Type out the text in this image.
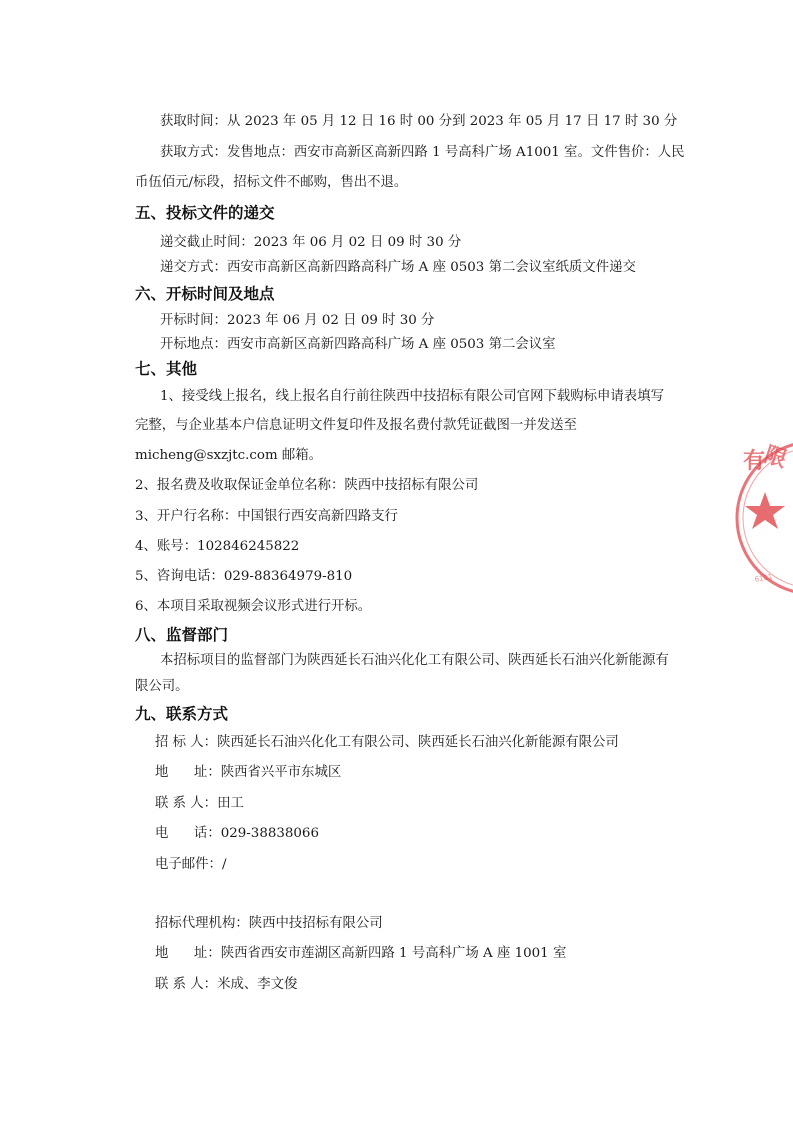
获取时间：从 2023 年 05 月 12 日 16 时 00 分到 2023 年 05 月 17 日 17 时 30 分
获取方式：发售地点：西安市高新区高新四路 1 号高科广场 A1001 室。文件售价：人民
币伍佰元/标段，招标文件不邮购，售出不退。
五、投标文件的递交
递交截止时间：2023 年 06 月 02 日 09 时 30 分
递交方式：西安市高新区高新四路高科广场 A 座 0503 第二会议室纸质文件递交
六、开标时间及地点
开标时间：2023 年 06 月 02 日 09 时 30 分
开标地点：西安市高新区高新四路高科广场 A 座 0503 第二会议室
七、其他
1、接受线上报名，线上报名自行前往陕西中技招标有限公司官网下载购标申请表填写
完整，与企业基本户信息证明文件复印件及报名费付款凭证截图一并发送至
micheng@sxzjtc.com 邮箱。
2、报名费及收取保证金单位名称：陕西中技招标有限公司
3、开户行名称：中国银行西安高新四路支行
4、账号：102846245822
5、咨询电话：029-88364979-810
6、本项目采取视频会议形式进行开标。
八、监督部门
本招标项目的监督部门为陕西延长石油兴化化工有限公司、陕西延长石油兴化新能源有
限公司。
九、联系方式
招 标 人：陕西延长石油兴化化工有限公司、陕西延长石油兴化新能源有限公司
地      址：陕西省兴平市东城区
联 系 人：田工
电      话：029-38838066
电子邮件：/
招标代理机构：陕西中技招标有限公司
地      址：陕西省西安市莲湖区高新四路 1 号高科广场 A 座 1001 室
联 系 人：米成、李文俊
有
限
6101
